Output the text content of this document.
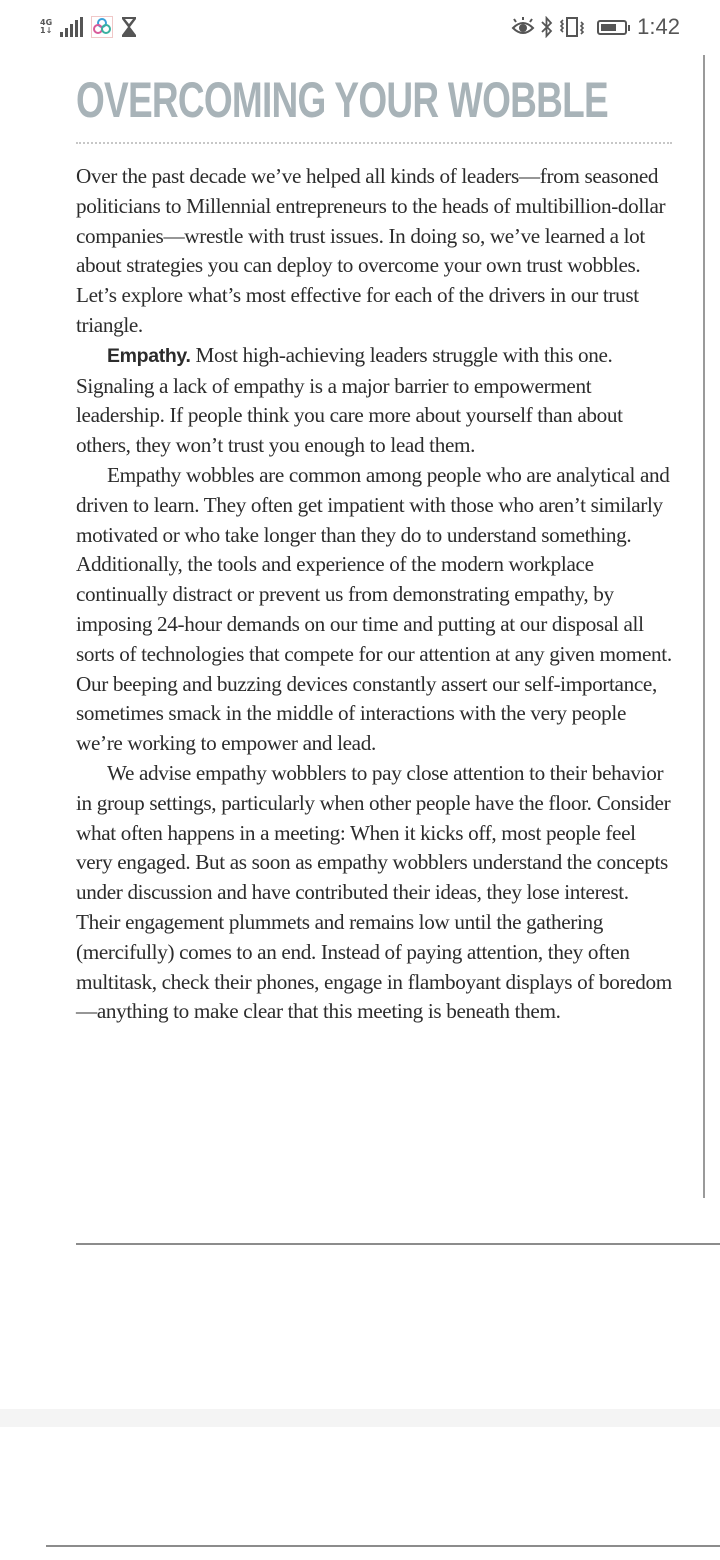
4G
1↓	1:42
OVERCOMING YOUR WOBBLE

Over the past decade we’ve helped all kinds of leaders—from seasoned politicians to Millennial entrepreneurs to the heads of multibillion-dollar companies—wrestle with trust issues. In doing so, we’ve learned a lot about strategies you can deploy to overcome your own trust wobbles. Let’s explore what’s most effective for each of the drivers in our trust triangle.

Empathy. Most high-achieving leaders struggle with this one. Signaling a lack of empathy is a major barrier to empowerment leadership. If people think you care more about yourself than about others, they won’t trust you enough to lead them.

Empathy wobbles are common among people who are analytical and driven to learn. They often get impatient with those who aren’t similarly motivated or who take longer than they do to understand something. Additionally, the tools and experience of the modern workplace continually distract or prevent us from demonstrating empathy, by imposing 24-hour demands on our time and putting at our disposal all sorts of technologies that compete for our attention at any given moment. Our beeping and buzzing devices constantly assert our self-importance, sometimes smack in the middle of interactions with the very people we’re working to empower and lead.

We advise empathy wobblers to pay close attention to their behavior in group settings, particularly when other people have the floor. Consider what often happens in a meeting: When it kicks off, most people feel very engaged. But as soon as empathy wobblers understand the concepts under discussion and have contributed their ideas, they lose interest. Their engagement plummets and remains low until the gathering (mercifully) comes to an end. Instead of paying attention, they often multitask, check their phones, engage in flamboyant displays of boredom—anything to make clear that this meeting is beneath them.
